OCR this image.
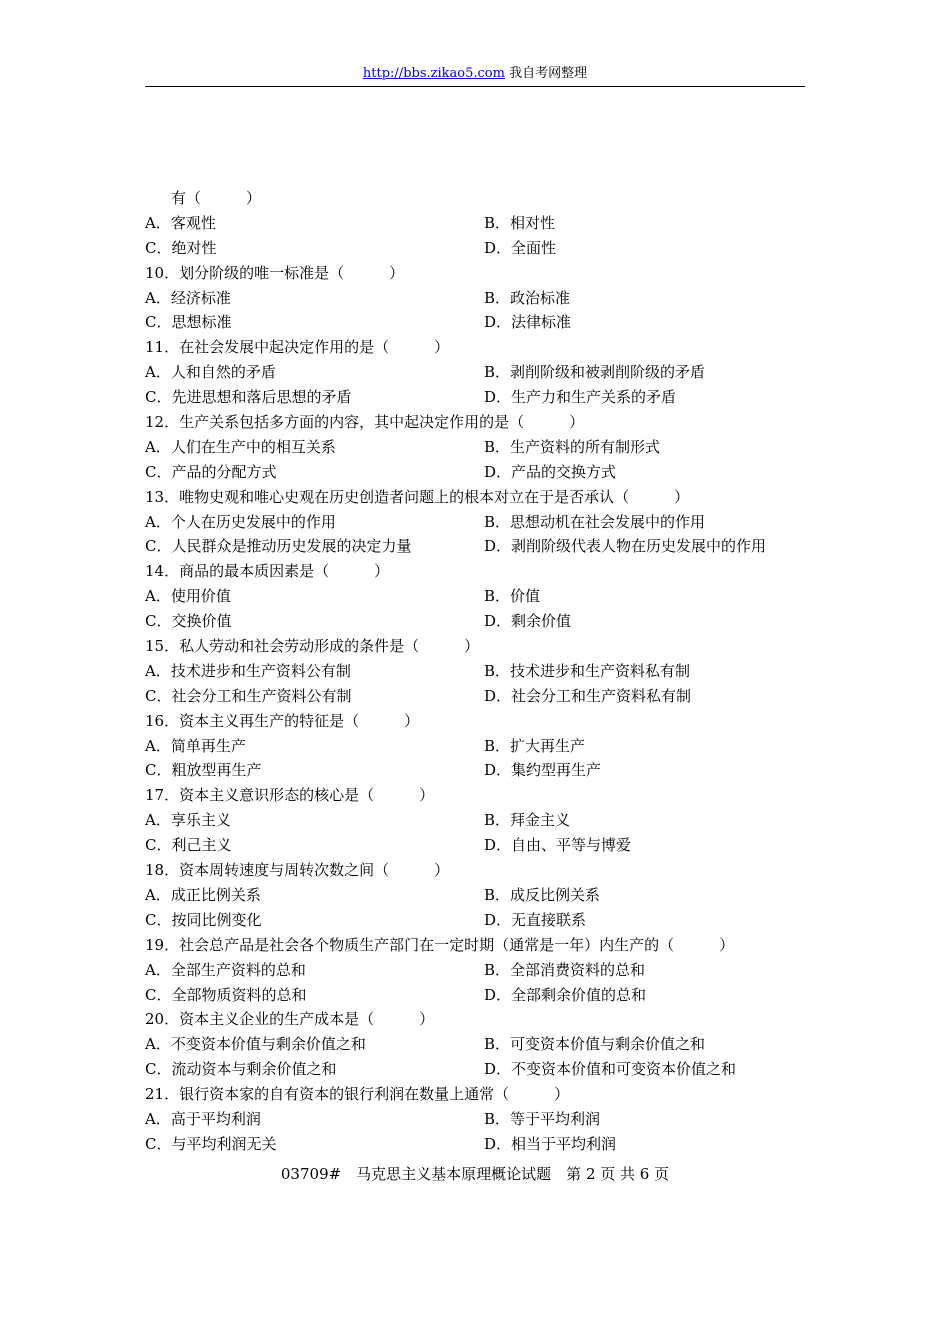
http://bbs.zikao5.com 我自考网整理
有（　　　）
A．客观性	B．相对性
C．绝对性	D．全面性
10．划分阶级的唯一标准是（　　　）
A．经济标准	B．政治标准
C．思想标准	D．法律标准
11．在社会发展中起决定作用的是（　　　）
A．人和自然的矛盾	B．剥削阶级和被剥削阶级的矛盾
C．先进思想和落后思想的矛盾	D．生产力和生产关系的矛盾
12．生产关系包括多方面的内容，其中起决定作用的是（　　　）
A．人们在生产中的相互关系	B．生产资料的所有制形式
C．产品的分配方式	D．产品的交换方式
13．唯物史观和唯心史观在历史创造者问题上的根本对立在于是否承认（　　　）
A．个人在历史发展中的作用	B．思想动机在社会发展中的作用
C．人民群众是推动历史发展的决定力量	D．剥削阶级代表人物在历史发展中的作用
14．商品的最本质因素是（　　　）
A．使用价值	B．价值
C．交换价值	D．剩余价值
15．私人劳动和社会劳动形成的条件是（　　　）
A．技术进步和生产资料公有制	B．技术进步和生产资料私有制
C．社会分工和生产资料公有制	D．社会分工和生产资料私有制
16．资本主义再生产的特征是（　　　）
A．简单再生产	B．扩大再生产
C．粗放型再生产	D．集约型再生产
17．资本主义意识形态的核心是（　　　）
A．享乐主义	B．拜金主义
C．利己主义	D．自由、平等与博爱
18．资本周转速度与周转次数之间（　　　）
A．成正比例关系	B．成反比例关系
C．按同比例变化	D．无直接联系
19．社会总产品是社会各个物质生产部门在一定时期（通常是一年）内生产的（　　　）
A．全部生产资料的总和	B．全部消费资料的总和
C．全部物质资料的总和	D．全部剩余价值的总和
20．资本主义企业的生产成本是（　　　）
A．不变资本价值与剩余价值之和	B．可变资本价值与剩余价值之和
C．流动资本与剩余价值之和	D．不变资本价值和可变资本价值之和
21．银行资本家的自有资本的银行利润在数量上通常（　　　）
A．高于平均利润	B．等于平均利润
C．与平均利润无关	D．相当于平均利润
03709#　马克思主义基本原理概论试题　第 2 页 共 6 页
